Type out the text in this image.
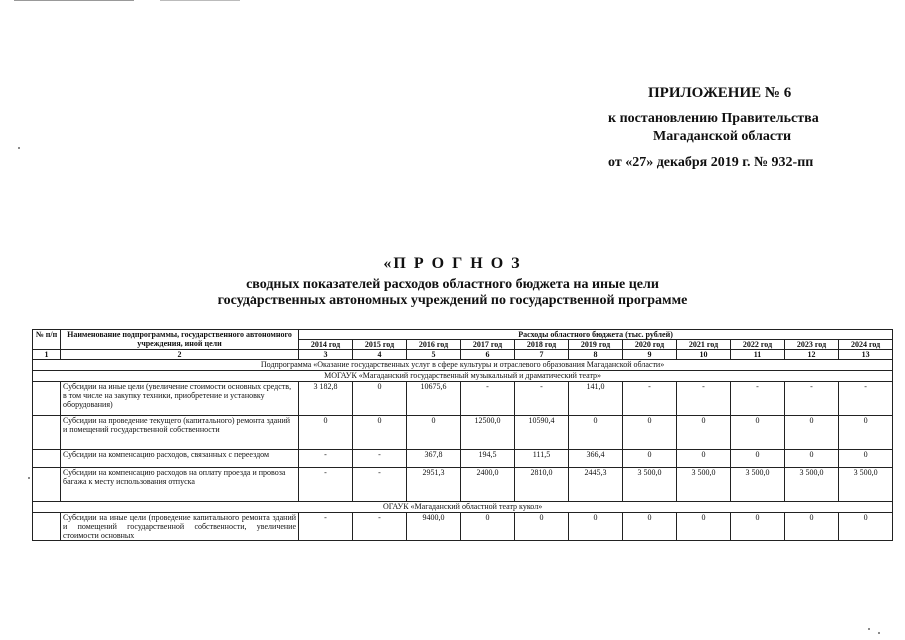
ПРИЛОЖЕНИЕ № 6
к постановлению Правительства
Магаданской области
от «27» декабря 2019 г. № 932-пп
«П Р О Г Н О З
сводных показателей расходов областного бюджета на иные цели
государственных автономных учреждений по государственной программе
№ п/п	Наименование подпрограммы, государственного автономного учреждения, иной цели	Расходы областного бюджета (тыс. рублей)										
		2014 год	2015 год	2016 год	2017 год	2018 год	2019 год	2020 год	2021 год	2022 год	2023 год	2024 год
1	2	3	4	5	6	7	8	9	10	11	12	13
Подпрограмма «Оказание государственных услуг в сфере культуры и отраслевого образования Магаданской области»												
МОГАУК «Магаданский государственный музыкальный и драматический театр»												
	Субсидии на иные цели (увеличение стоимости основных средств, в том числе на закупку техники, приобретение и установку оборудования)	3 182,8	0	10675,6	-	-	141,0	-	-	-	-	-
	Субсидии на проведение текущего (капитального) ремонта зданий и помещений государственной собственности	0	0	0	12500,0	10590,4	0	0	0	0	0	0
	Субсидии на компенсацию расходов, связанных с переездом	-	-	367,8	194,5	111,5	366,4	0	0	0	0	0
	Субсидии на компенсацию расходов на оплату проезда и провоза багажа к месту использования отпуска	-	-	2951,3	2400,0	2810,0	2445,3	3 500,0	3 500,0	3 500,0	3 500,0	3 500,0
ОГАУК «Магаданский областной театр кукол»												
	Субсидии на иные цели (проведение капитального ремонта зданий и помещений государственной собственности, увеличение стоимости основных	-	-	9400,0	0	0	0	0	0	0	0	0
